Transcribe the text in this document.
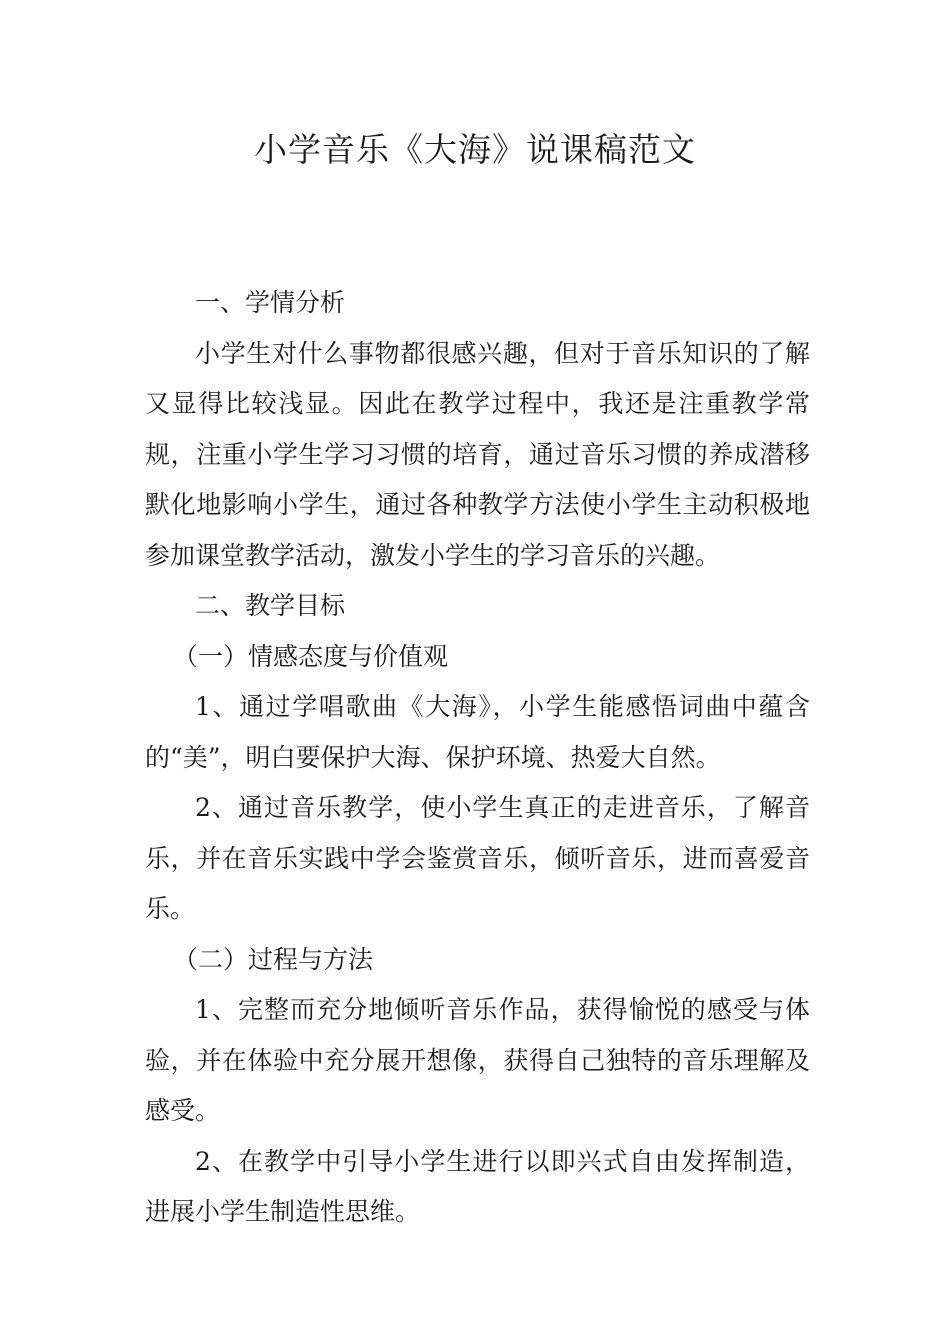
小学音乐《大海》说课稿范文

一、学情分析

小学生对什么事物都很感兴趣，但对于音乐知识的了解又显得比较浅显。因此在教学过程中，我还是注重教学常规，注重小学生学习习惯的培育，通过音乐习惯的养成潜移默化地影响小学生，通过各种教学方法使小学生主动积极地参加课堂教学活动，激发小学生的学习音乐的兴趣。

二、教学目标

（一）情感态度与价值观

1、通过学唱歌曲《大海》，小学生能感悟词曲中蕴含的“美”，明白要保护大海、保护环境、热爱大自然。

2、通过音乐教学，使小学生真正的走进音乐，了解音乐，并在音乐实践中学会鉴赏音乐，倾听音乐，进而喜爱音乐。

（二）过程与方法

1、完整而充分地倾听音乐作品，获得愉悦的感受与体验，并在体验中充分展开想像，获得自己独特的音乐理解及感受。

2、在教学中引导小学生进行以即兴式自由发挥制造，进展小学生制造性思维。
